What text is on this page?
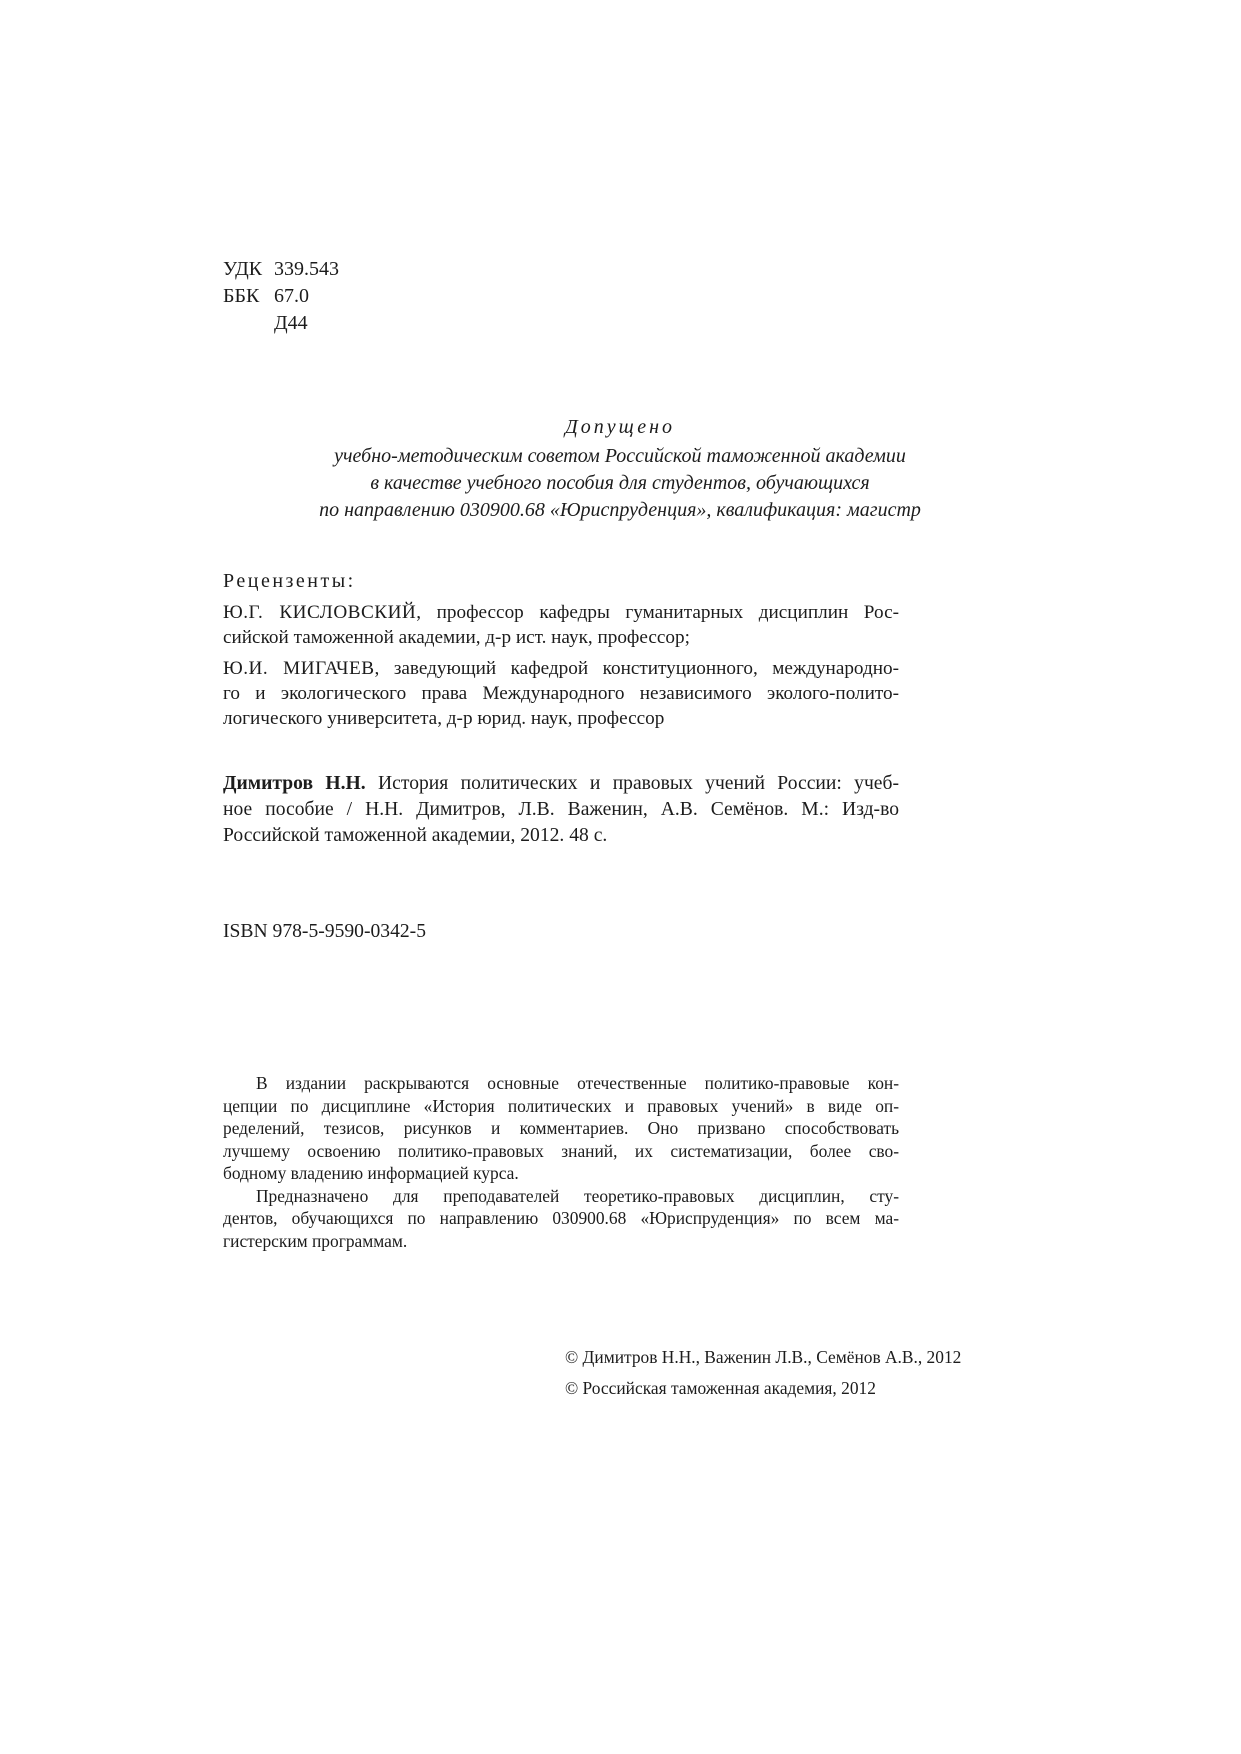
УДК 339.543
ББК 67.0
Д44
Допущено
учебно-методическим советом Российской таможенной академии
в качестве учебного пособия для студентов, обучающихся
по направлению 030900.68 «Юриспруденция», квалификация: магистр
Рецензенты:
Ю.Г. КИСЛОВСКИЙ, профессор кафедры гуманитарных дисциплин Рос-
сийской таможенной академии, д-р ист. наук, профессор;
Ю.И. МИГАЧЕВ, заведующий кафедрой конституционного, международно-
го и экологического права Международного независимого эколого-полито-
логического университета, д-р юрид. наук, профессор
Димитров Н.Н. История политических и правовых учений России: учеб-
ное пособие / Н.Н. Димитров, Л.В. Важенин, А.В. Семёнов. М.: Изд-во
Российской таможенной академии, 2012. 48 с.
ISBN 978-5-9590-0342-5
В издании раскрываются основные отечественные политико-правовые кон-
цепции по дисциплине «История политических и правовых учений» в виде оп-
ределений, тезисов, рисунков и комментариев. Оно призвано способствовать
лучшему освоению политико-правовых знаний, их систематизации, более сво-
бодному владению информацией курса.
Предназначено для преподавателей теоретико-правовых дисциплин, сту-
дентов, обучающихся по направлению 030900.68 «Юриспруденция» по всем ма-
гистерским программам.
© Димитров Н.Н., Важенин Л.В., Семёнов А.В., 2012
© Российская таможенная академия, 2012
